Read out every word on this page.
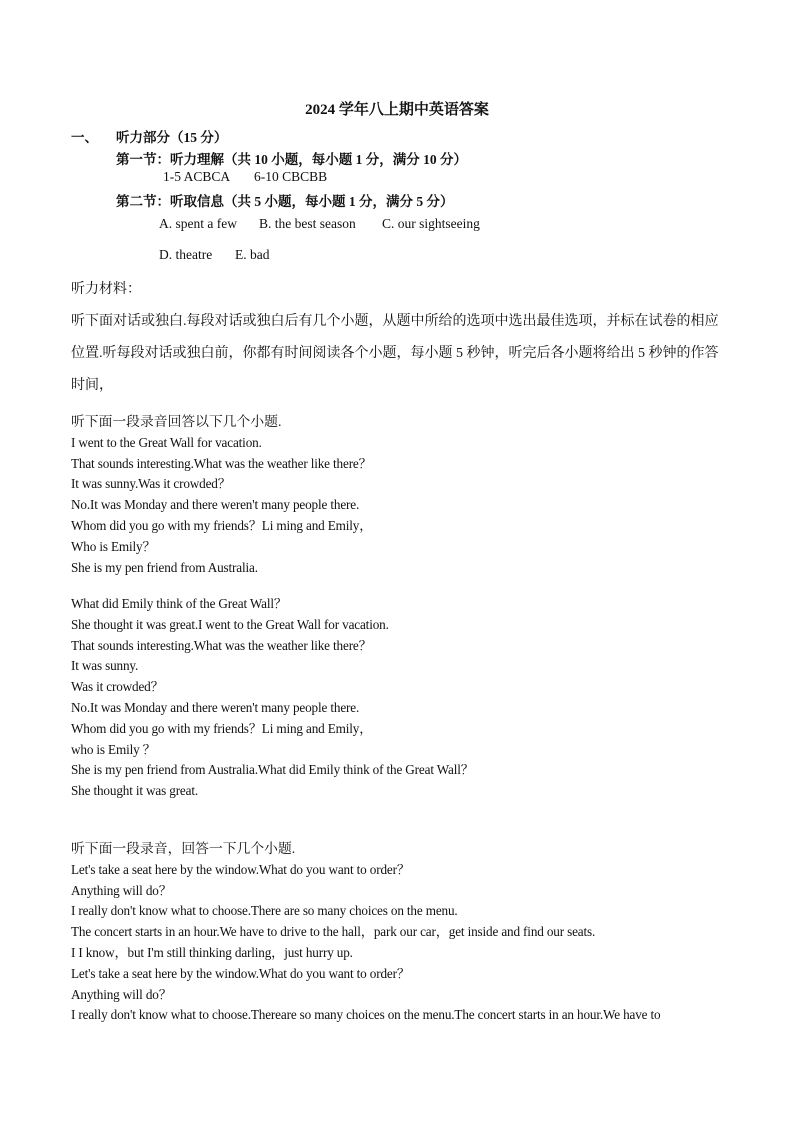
2024 学年八上期中英语答案
一、 听力部分（15 分）
第一节：听力理解（共 10 小题，每小题 1 分，满分 10 分）
1-5 ACBCA 6-10 CBCBB
第二节：听取信息（共 5 小题，每小题 1 分，满分 5 分）
A. spent a few B. the best season C. our sightseeing
D. theatre E. bad
听力材料：
听下面对话或独白.每段对话或独白后有几个小题，从题中所给的选项中选出最佳选项，并标在试卷的相应位置.听每段对话或独白前，你都有时间阅读各个小题，每小题 5 秒钟，听完后各小题将给出 5 秒钟的作答时间，
听下面一段录音回答以下几个小题.
I went to the Great Wall for vacation.
That sounds interesting.What was the weather like there？
It was sunny.Was it crowded？
No.It was Monday and there weren't many people there.
Whom did you go with my friends？Li ming and Emily，
Who is Emily？
She is my pen friend from Australia.
What did Emily think of the Great Wall？
She thought it was great.I went to the Great Wall for vacation.
That sounds interesting.What was the weather like there？
It was sunny.
Was it crowded？
No.It was Monday and there weren't many people there.
Whom did you go with my friends？Li ming and Emily，
who is Emily ？
She is my pen friend from Australia.What did Emily think of the Great Wall？
She thought it was great.
听下面一段录音，回答一下几个小题.
Let's take a seat here by the window.What do you want to order？
Anything will do？
I really don't know what to choose.There are so many choices on the menu.
The concert starts in an hour.We have to drive to the hall，park our car，get inside and find our seats.
I I know，but I'm still thinking darling，just hurry up.
Let's take a seat here by the window.What do you want to order？
Anything will do？
I really don't know what to choose.Thereare so many choices on the menu.The concert starts in an hour.We have to
